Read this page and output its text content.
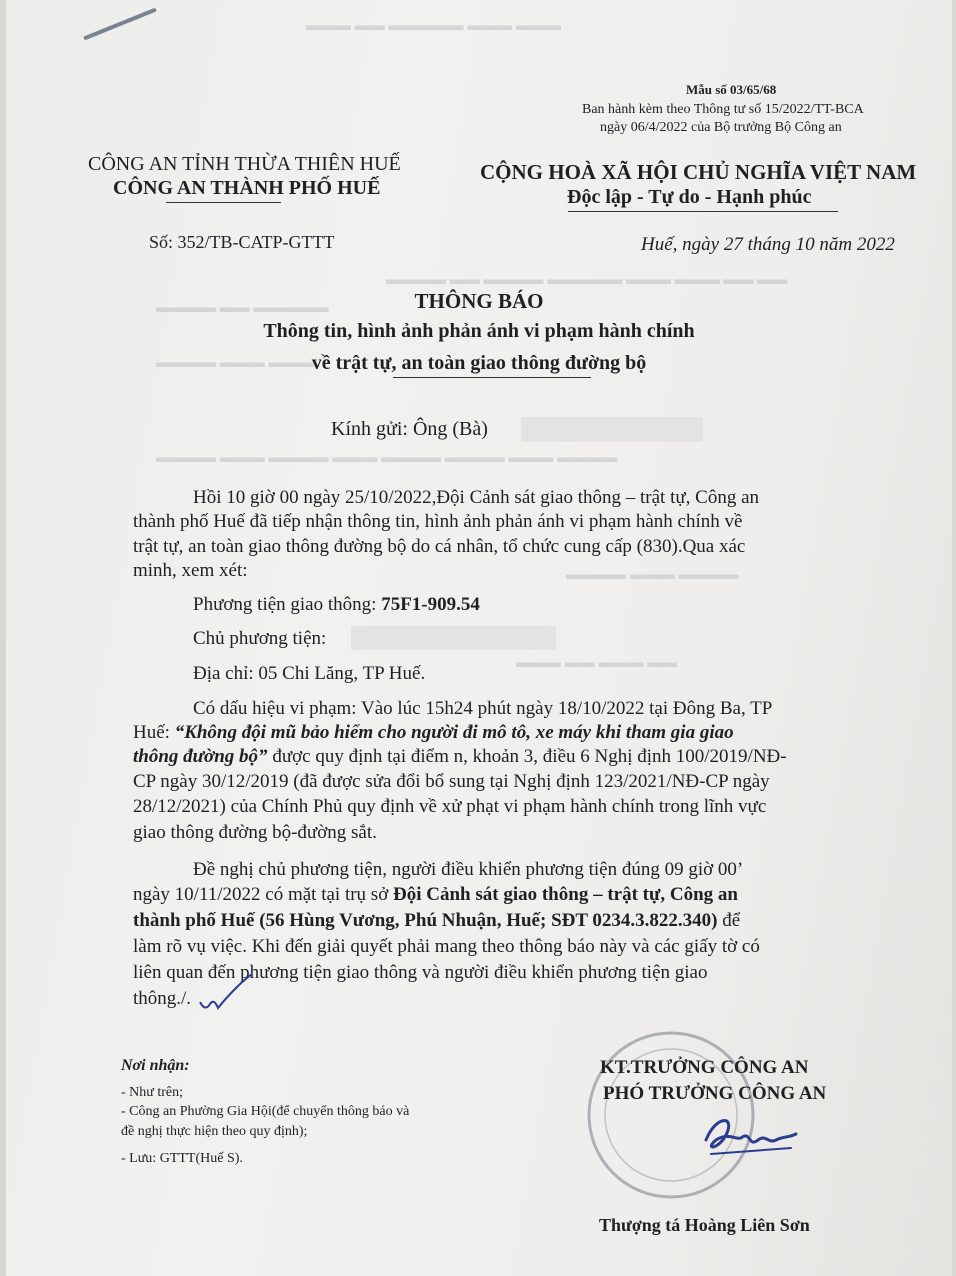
▬▬▬ ▬▬ ▬▬▬▬▬ ▬▬▬ ▬▬▬
▬▬▬▬ ▬▬ ▬▬▬▬ ▬▬▬▬▬ ▬▬▬ ▬▬▬ ▬▬ ▬▬
▬▬▬▬ ▬▬ ▬▬▬▬▬
▬▬▬▬ ▬▬▬ ▬▬▬
▬▬▬▬ ▬▬▬ ▬▬▬▬ ▬▬▬ ▬▬▬▬ ▬▬▬▬ ▬▬▬ ▬▬▬▬
▬▬▬▬ ▬▬▬ ▬▬▬▬
▬▬▬ ▬▬ ▬▬▬ ▬▬
Mẫu số 03/65/68
Ban hành kèm theo Thông tư số 15/2022/TT-BCA
ngày 06/4/2022 của Bộ trưởng Bộ Công an
CÔNG AN TỈNH THỪA THIÊN HUẾ
CÔNG AN THÀNH PHỐ HUẾ
CỘNG HOÀ XÃ HỘI CHỦ NGHĨA VIỆT NAM
Độc lập - Tự do - Hạnh phúc
Số: 352/TB-CATP-GTTT	Huế, ngày 27 tháng 10 năm 2022
THÔNG BÁO
Thông tin, hình ảnh phản ánh vi phạm hành chính
về trật tự, an toàn giao thông đường bộ
Kính gửi: Ông (Bà)
Hồi 10 giờ 00 ngày 25/10/2022,Đội Cảnh sát giao thông – trật tự, Công an
thành phố Huế đã tiếp nhận thông tin, hình ảnh phản ánh vi phạm hành chính về
trật tự, an toàn giao thông đường bộ do cá nhân, tổ chức cung cấp (830).Qua xác
minh, xem xét:
Phương tiện giao thông: 75F1-909.54
Chủ phương tiện:
Địa chỉ: 05 Chi Lăng, TP Huế.
Có dấu hiệu vi phạm: Vào lúc 15h24 phút ngày 18/10/2022 tại Đông Ba, TP
Huế: “Không đội mũ bảo hiểm cho người đi mô tô, xe máy khi tham gia giao
thông đường bộ” được quy định tại điểm n, khoản 3, điều 6 Nghị định 100/2019/NĐ-
CP ngày 30/12/2019 (đã được sửa đổi bổ sung tại Nghị định 123/2021/NĐ-CP ngày
28/12/2021) của Chính Phủ quy định về xử phạt vi phạm hành chính trong lĩnh vực
giao thông đường bộ-đường sắt.
Đề nghị chủ phương tiện, người điều khiển phương tiện đúng 09 giờ 00’
ngày 10/11/2022 có mặt tại trụ sở Đội Cảnh sát giao thông – trật tự, Công an
thành phố Huế (56 Hùng Vương, Phú Nhuận, Huế; SĐT 0234.3.822.340) để
làm rõ vụ việc. Khi đến giải quyết phải mang theo thông báo này và các giấy tờ có
liên quan đến phương tiện giao thông và người điều khiển phương tiện giao
thông./.
Nơi nhận:
- Như trên;
- Công an Phường Gia Hội(để chuyển thông báo và
đề nghị thực hiện theo quy định);
- Lưu: GTTT(Huế S).
KT.TRƯỞNG CÔNG AN
PHÓ TRƯỞNG CÔNG AN
Thượng tá Hoàng Liên Sơn
